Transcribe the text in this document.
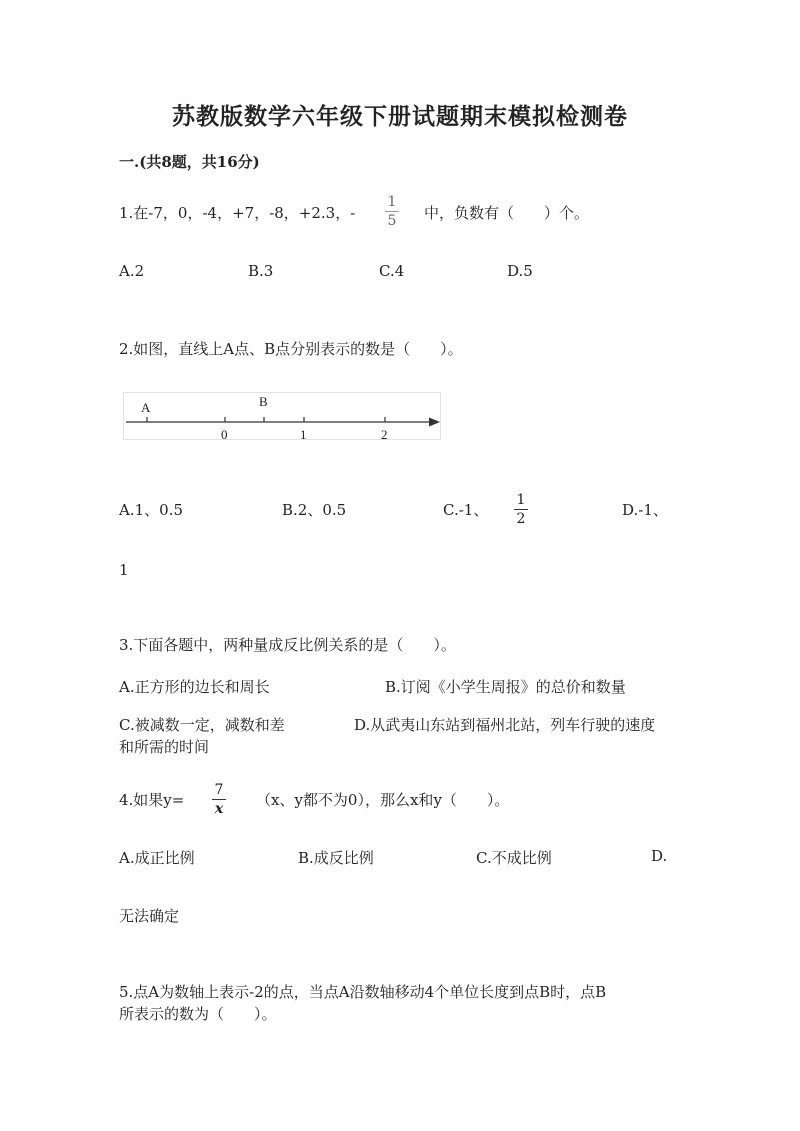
苏教版数学六年级下册试题期末模拟检测卷
一.(共8题，共16分)
1.在-7，0，-4，+7，-8，+2.3，-
1
5 中，负数有（　　）个。
A.2	B.3	C.4	D.5
2.如图，直线上A点、B点分别表示的数是（　　）。
A	B
0	1	2
A.1、0.5	B.2、0.5	C.-1、
1
2
D.-1、
1
3.下面各题中，两种量成反比例关系的是（　　）。
A.正方形的边长和周长	B.订阅《小学生周报》的总价和数量
C.被减数一定，减数和差	D.从武夷山东站到福州北站，列车行驶的速度
和所需的时间
4.如果y=
7
x
（x、y都不为0），那么x和y（　　）。
A.成正比例	B.成反比例	C.不成比例	D.
无法确定
5.点A为数轴上表示-2的点，当点A沿数轴移动4个单位长度到点B时，点B
所表示的数为（　　）。
